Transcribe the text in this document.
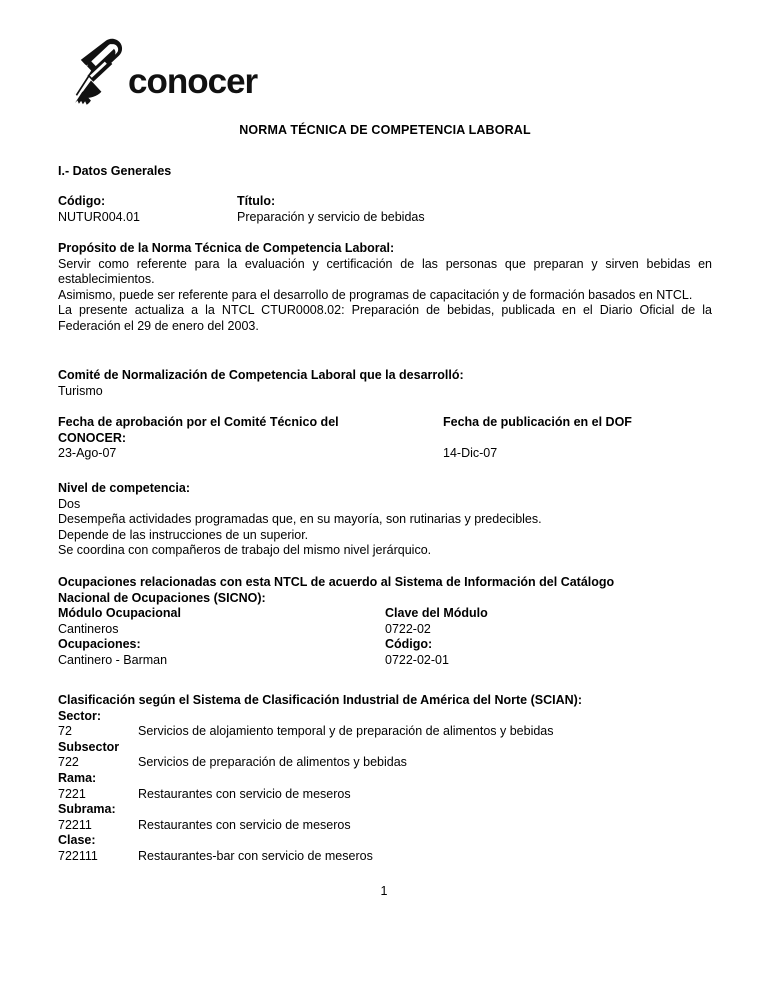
conocer
NORMA TÉCNICA DE COMPETENCIA LABORAL
I.- Datos Generales
Código:
NUTUR004.01
Título:
Preparación y servicio de bebidas
Propósito de la Norma Técnica de Competencia Laboral:
Servir como referente para la evaluación y certificación de las personas que preparan y sirven bebidas en establecimientos.
Asimismo, puede ser referente para el desarrollo de programas de capacitación y de formación basados en NTCL.
La presente actualiza a la NTCL CTUR0008.02: Preparación de bebidas, publicada en el Diario Oficial de la Federación el 29 de enero del 2003.
Comité de Normalización de Competencia Laboral que la desarrolló:
Turismo
Fecha de aprobación por el Comité Técnico del
CONOCER:
23-Ago-07
Fecha de publicación en el DOF

14-Dic-07
Nivel de competencia:
Dos
Desempeña actividades programadas que, en su mayoría, son rutinarias y predecibles.
Depende de las instrucciones de un superior.
Se coordina con compañeros de trabajo del mismo nivel jerárquico.
Ocupaciones relacionadas con esta NTCL de acuerdo al Sistema de Información del Catálogo
Nacional de Ocupaciones (SICNO):
Módulo Ocupacional	Clave del Módulo
Cantineros	0722-02
Ocupaciones:	Código:
Cantinero - Barman	0722-02-01
Clasificación según el Sistema de Clasificación Industrial de América del Norte (SCIAN):
Sector:
72	Servicios de alojamiento temporal y de preparación de alimentos y bebidas
Subsector
722	Servicios de preparación de alimentos y bebidas
Rama:
7221	Restaurantes con servicio de meseros
Subrama:
72211	Restaurantes con servicio de meseros
Clase:
722111	Restaurantes-bar con servicio de meseros
1
